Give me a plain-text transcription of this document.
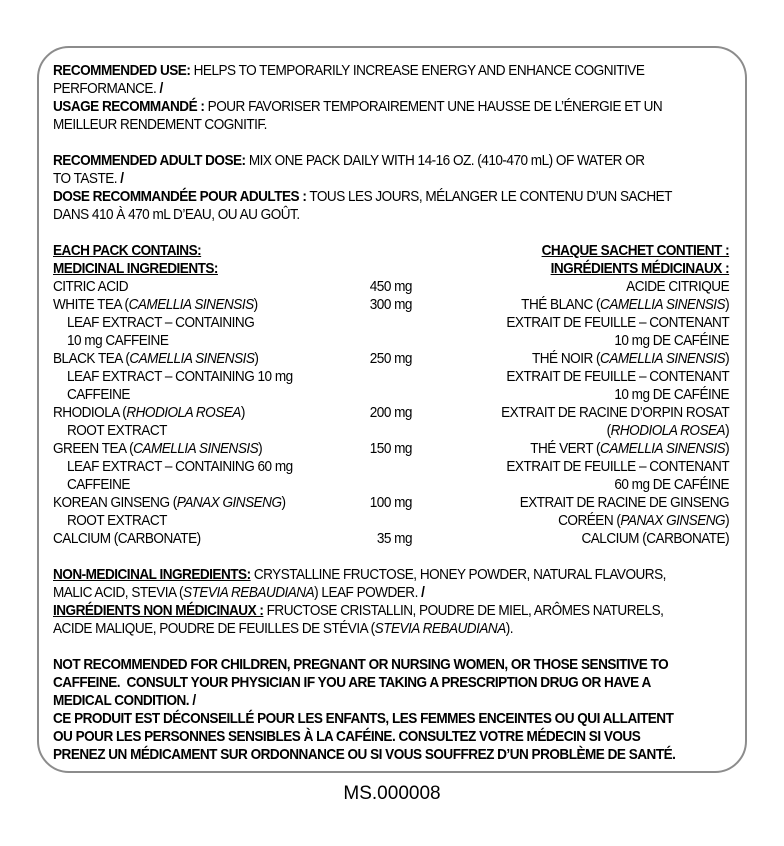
RECOMMENDED USE: HELPS TO TEMPORARILY INCREASE ENERGY AND ENHANCE COGNITIVE
PERFORMANCE. /
USAGE RECOMMANDÉ : POUR FAVORISER TEMPORAIREMENT UNE HAUSSE DE L’ÉNERGIE ET UN
MEILLEUR RENDEMENT COGNITIF.
RECOMMENDED ADULT DOSE: MIX ONE PACK DAILY WITH 14-16 OZ. (410-470 mL) OF WATER OR
TO TASTE. /
DOSE RECOMMANDÉE POUR ADULTES : TOUS LES JOURS, MÉLANGER LE CONTENU D’UN SACHET
DANS 410 À 470 mL D’EAU, OU AU GOÛT.
EACH PACK CONTAINS:	CHAQUE SACHET CONTIENT :
MEDICINAL INGREDIENTS:	INGRÉDIENTS MÉDICINAUX :
CITRIC ACID	450 mg	ACIDE CITRIQUE
WHITE TEA (CAMELLIA SINENSIS)	300 mg	THÉ BLANC (CAMELLIA SINENSIS)
LEAF EXTRACT – CONTAINING	EXTRAIT DE FEUILLE – CONTENANT
10 mg CAFFEINE	10 mg DE CAFÉINE
BLACK TEA (CAMELLIA SINENSIS)	250 mg	THÉ NOIR (CAMELLIA SINENSIS)
LEAF EXTRACT – CONTAINING 10 mg	EXTRAIT DE FEUILLE – CONTENANT
CAFFEINE	10 mg DE CAFÉINE
RHODIOLA (RHODIOLA ROSEA)	200 mg	EXTRAIT DE RACINE D’ORPIN ROSAT
ROOT EXTRACT	(RHODIOLA ROSEA)
GREEN TEA (CAMELLIA SINENSIS)	150 mg	THÉ VERT (CAMELLIA SINENSIS)
LEAF EXTRACT – CONTAINING 60 mg	EXTRAIT DE FEUILLE – CONTENANT
CAFFEINE	60 mg DE CAFÉINE
KOREAN GINSENG (PANAX GINSENG)	100 mg	EXTRAIT DE RACINE DE GINSENG
ROOT EXTRACT	CORÉEN (PANAX GINSENG)
CALCIUM (CARBONATE)	35 mg	CALCIUM (CARBONATE)
NON-MEDICINAL INGREDIENTS: CRYSTALLINE FRUCTOSE, HONEY POWDER, NATURAL FLAVOURS,
MALIC ACID, STEVIA (STEVIA REBAUDIANA) LEAF POWDER. /
INGRÉDIENTS NON MÉDICINAUX : FRUCTOSE CRISTALLIN, POUDRE DE MIEL, ARÔMES NATURELS,
ACIDE MALIQUE, POUDRE DE FEUILLES DE STÉVIA (STEVIA REBAUDIANA).
NOT RECOMMENDED FOR CHILDREN, PREGNANT OR NURSING WOMEN, OR THOSE SENSITIVE TO
CAFFEINE.  CONSULT YOUR PHYSICIAN IF YOU ARE TAKING A PRESCRIPTION DRUG OR HAVE A
MEDICAL CONDITION. /
CE PRODUIT EST DÉCONSEILLÉ POUR LES ENFANTS, LES FEMMES ENCEINTES OU QUI ALLAITENT
OU POUR LES PERSONNES SENSIBLES À LA CAFÉINE. CONSULTEZ VOTRE MÉDECIN SI VOUS
PRENEZ UN MÉDICAMENT SUR ORDONNANCE OU SI VOUS SOUFFREZ D’UN PROBLÈME DE SANTÉ.
MS.000008
